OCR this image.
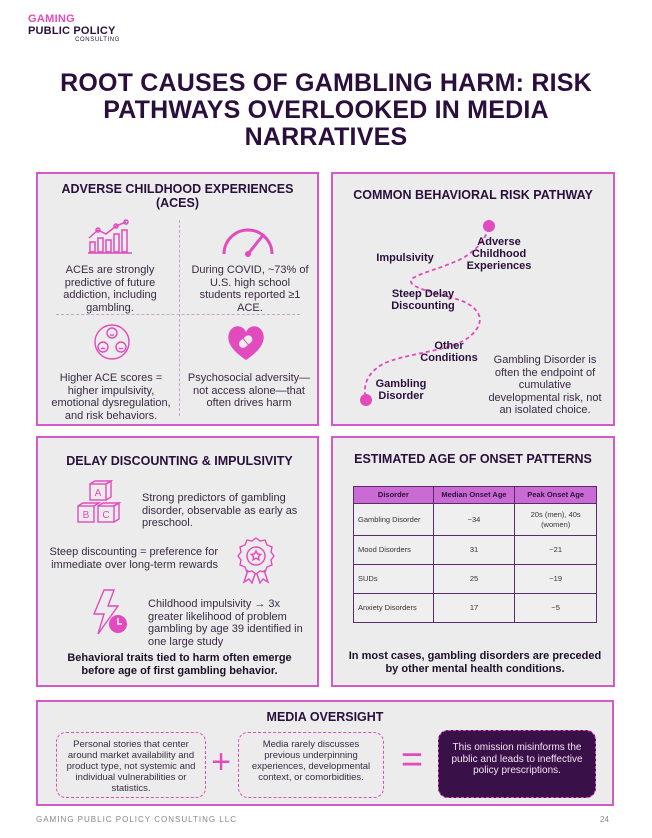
GAMING
PUBLIC POLICY
CONSULTING
ROOT CAUSES OF GAMBLING HARM: RISK PATHWAYS OVERLOOKED IN MEDIA NARRATIVES
ADVERSE CHILDHOOD EXPERIENCES (ACES)
ACEs are strongly predictive of future addiction, including gambling.
During COVID, ~73% of U.S. high school students reported ≥1 ACE.
Higher ACE scores = higher impulsivity, emotional dysregulation, and risk behaviors.
Psychosocial adversity—not access alone—that often drives harm
COMMON BEHAVIORAL RISK PATHWAY
Adverse Childhood Experiences
Impulsivity
Steep Delay Discounting
Other Conditions
Gambling Disorder
Gambling Disorder is often the endpoint of cumulative developmental risk, not an isolated choice.
DELAY DISCOUNTING & IMPULSIVITY
A
B C
Strong predictors of gambling disorder, observable as early as preschool.
Steep discounting = preference for immediate over long-term rewards
Childhood impulsivity → 3x greater likelihood of problem gambling by age 39 identified in one large study
Behavioral traits tied to harm often emerge before age of first gambling behavior.
ESTIMATED AGE OF ONSET PATTERNS
Disorder	Median Onset Age	Peak Onset Age
Gambling Disorder	~34	20s (men), 40s (women)
Mood Disorders	31	~21
SUDs	25	~19
Anxiety Disorders	17	~5
In most cases, gambling disorders are preceded by other mental health conditions.
MEDIA OVERSIGHT
Personal stories that center around market availability and product type, not systemic and individual vulnerabilities or statistics.
+	Media rarely discusses previous underpinning experiences, developmental context, or comorbidities. =	This omission misinforms the public and leads to ineffective policy prescriptions.
GAMING PUBLIC POLICY CONSULTING LLC	24
